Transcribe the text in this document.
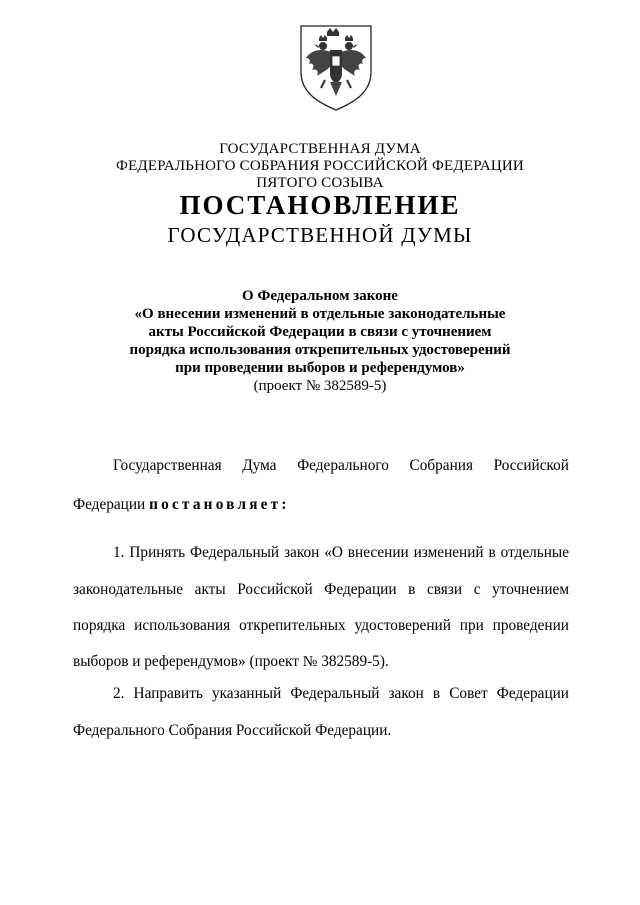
ГОСУДАРСТВЕННАЯ ДУМА
ФЕДЕРАЛЬНОГО СОБРАНИЯ РОССИЙСКОЙ ФЕДЕРАЦИИ
ПЯТОГО СОЗЫВА
ПОСТАНОВЛЕНИЕ
ГОСУДАРСТВЕННОЙ ДУМЫ
О Федеральном законе
«О внесении изменений в отдельные законодательные
акты Российской Федерации в связи с уточнением
порядка использования открепительных удостоверений
при проведении выборов и референдумов»
(проект № 382589-5)
Государственная Дума Федерального Собрания Российской
Федерации постановляет:
1. Принять Федеральный закон «О внесении изменений в отдельные
законодательные акты Российской Федерации в связи с уточнением
порядка использования открепительных удостоверений при проведении
выборов и референдумов» (проект № 382589-5).
2. Направить указанный Федеральный закон в Совет Федерации
Федерального Собрания Российской Федерации.
